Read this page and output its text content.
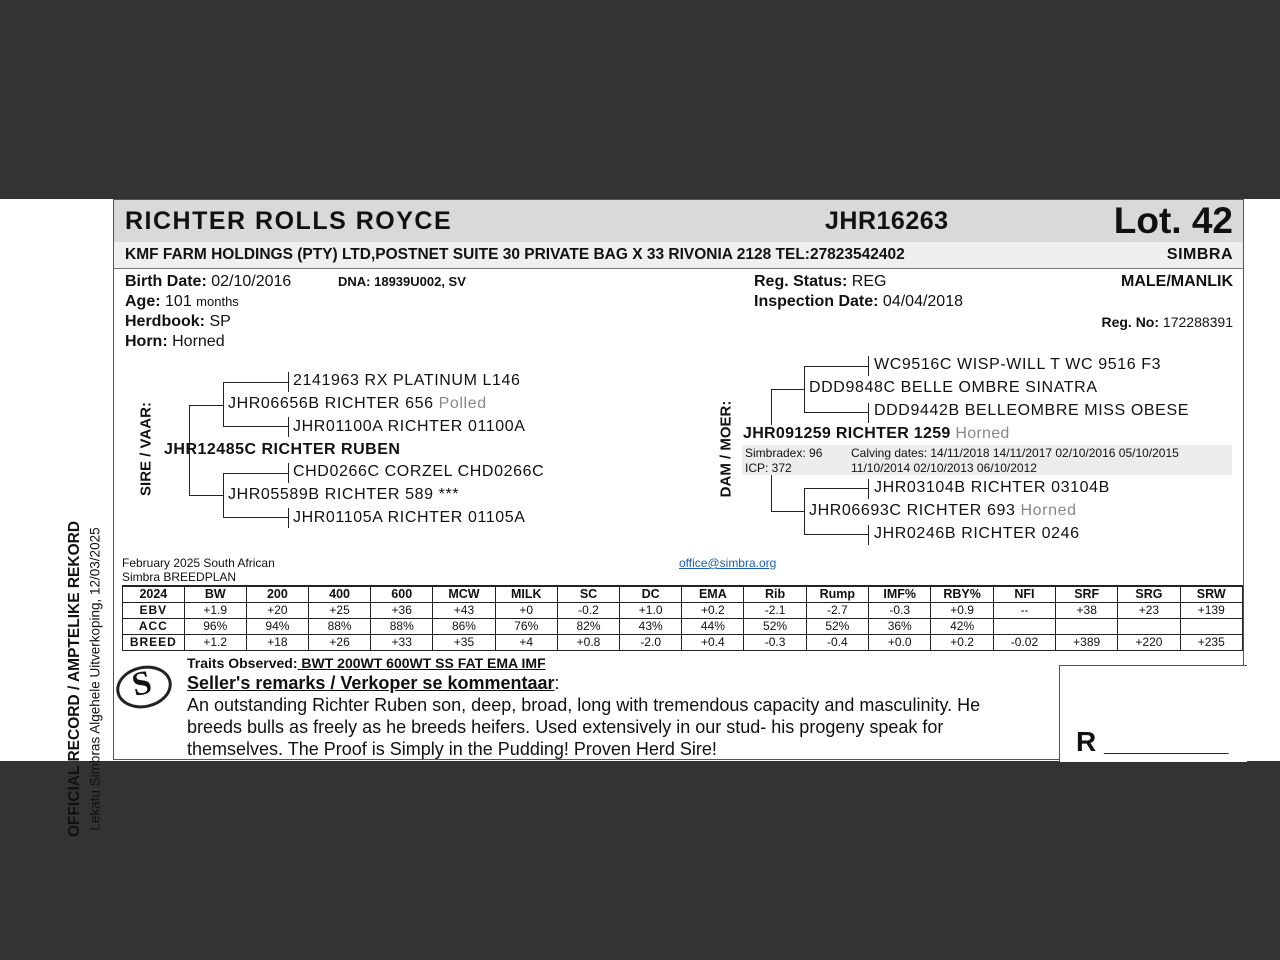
OFFICIAL RECORD / AMPTELIKE REKORD Lekatu Simbras Algehele Uitverkoping, 12/03/2025
RICHTER ROLLS ROYCE	JHR16263	Lot. 42
KMF FARM HOLDINGS (PTY) LTD,POSTNET SUITE 30 PRIVATE BAG X 33 RIVONIA 2128 TEL:27823542402	SIMBRA
Birth Date: 02/10/2016	DNA: 18939U002, SV
Age: 101 months
Herdbook: SP
Horn: Horned
Reg. Status: REG
Inspection Date: 04/04/2018
MALE/MANLIK
Reg. No: 172288391
SIRE / VAAR:
2141963 RX PLATINUM L146
JHR06656B RICHTER 656 Polled
JHR01100A RICHTER 01100A
JHR12485C RICHTER RUBEN
CHD0266C CORZEL CHD0266C
JHR05589B RICHTER 589 ***
JHR01105A RICHTER 01105A
DAM / MOER:
WC9516C WISP-WILL T WC 9516 F3
DDD9848C BELLE OMBRE SINATRA
DDD9442B BELLEOMBRE MISS OBESE
JHR091259 RICHTER 1259 Horned
Simbradex: 96
ICP: 372
Calving dates: 14/11/2018 14/11/2017 02/10/2016 05/10/2015
11/10/2014 02/10/2013 06/10/2012
JHR03104B RICHTER 03104B
JHR06693C RICHTER 693 Horned
JHR0246B RICHTER 0246
February 2025 South African
Simbra BREEDPLAN
office@simbra.org
2024	BW	200	400	600	MCW	MILK	SC	DC	EMA	Rib	Rump	IMF%	RBY%	NFI	SRF	SRG	SRW
EBV	+1.9	+20	+25	+36	+43	+0	-0.2	+1.0	+0.2	-2.1	-2.7	-0.3	+0.9	--	+38	+23	+139
ACC	96%	94%	88%	88%	86%	76%	82%	43%	44%	52%	52%	36%	42%				
BREED	+1.2	+18	+26	+33	+35	+4	+0.8	-2.0	+0.4	-0.3	-0.4	+0.0	+0.2	-0.02	+389	+220	+235
S
Traits Observed: BWT 200WT 600WT SS FAT EMA IMF
Seller's remarks / Verkoper se kommentaar:
An outstanding Richter Ruben son, deep, broad, long with tremendous capacity and masculinity. He
breeds bulls as freely as he breeds heifers. Used extensively in our stud- his progeny speak for
themselves. The Proof is Simply in the Pudding! Proven Herd Sire!	R ________________
